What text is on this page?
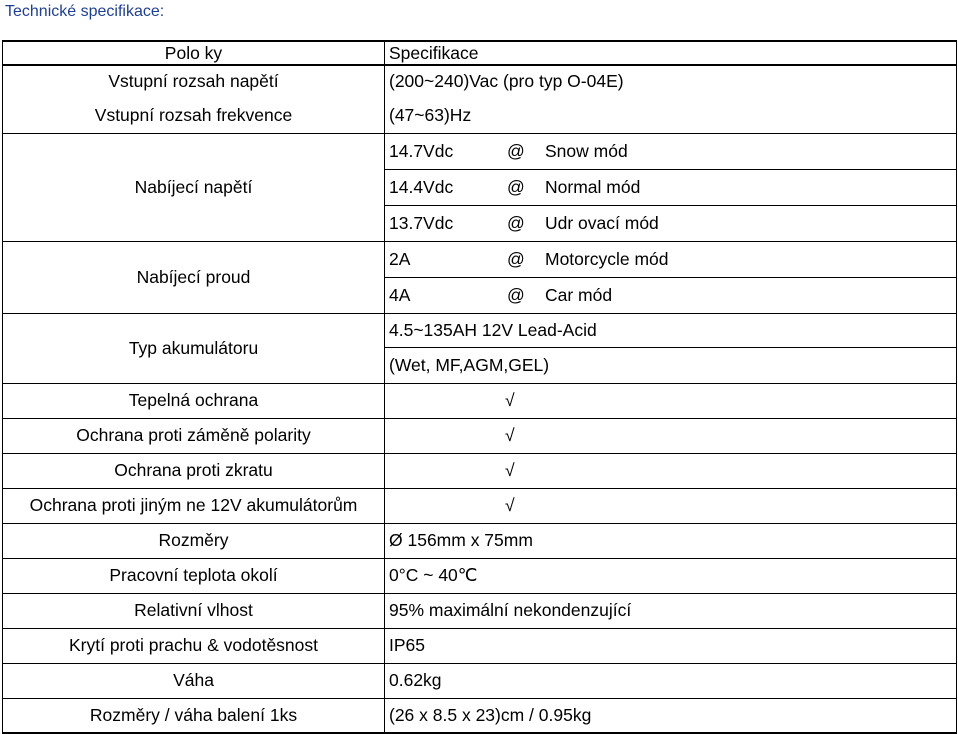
Technické specifikace:
Polo ky	Specifikace
Vstupní rozsah napětí	(200~240)Vac (pro typ O-04E)
Vstupní rozsah frekvence	(47~63)Hz
Nabíjecí napětí	14.7Vdc @ Snow mód
	14.4Vdc @ Normal mód
	13.7Vdc @ Udr ovací mód
Nabíjecí proud	2A @ Motorcycle mód
	4A @ Car mód
Typ akumulátoru	4.5~135AH 12V Lead-Acid
	(Wet, MF,AGM,GEL)
Tepelná ochrana	√
Ochrana proti záměně polarity	√
Ochrana proti zkratu	√
Ochrana proti jiným ne 12V akumulátorům	√
Rozměry	Ø 156mm x 75mm
Pracovní teplota okolí	0°C ~ 40℃
Relativní vlhost	95% maximální nekondenzující
Krytí proti prachu & vodotěsnost	IP65
Váha	0.62kg
Rozměry / váha balení 1ks	(26 x 8.5 x 23)cm / 0.95kg
